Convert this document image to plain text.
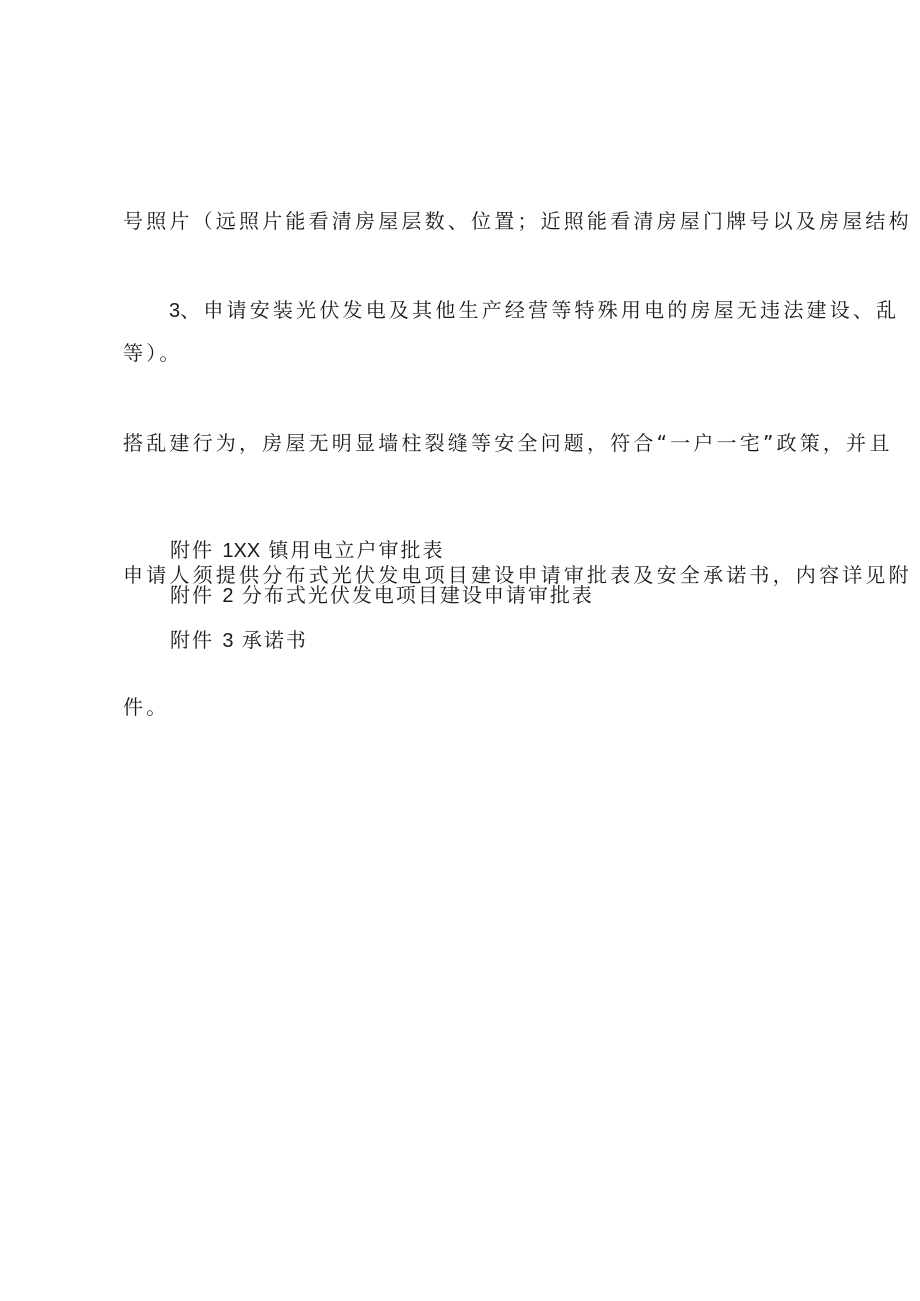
号照片（远照片能看清房屋层数、位置；近照能看清房屋门牌号以及房屋结构

等）。

3、申请安装光伏发电及其他生产经营等特殊用电的房屋无违法建设、乱

搭乱建行为，房屋无明显墙柱裂缝等安全问题，符合“一户一宅”政策，并且

申请人须提供分布式光伏发电项目建设申请审批表及安全承诺书，内容详见附

件。

附件 1XX 镇用电立户审批表
附件 2 分布式光伏发电项目建设申请审批表
附件 3 承诺书
